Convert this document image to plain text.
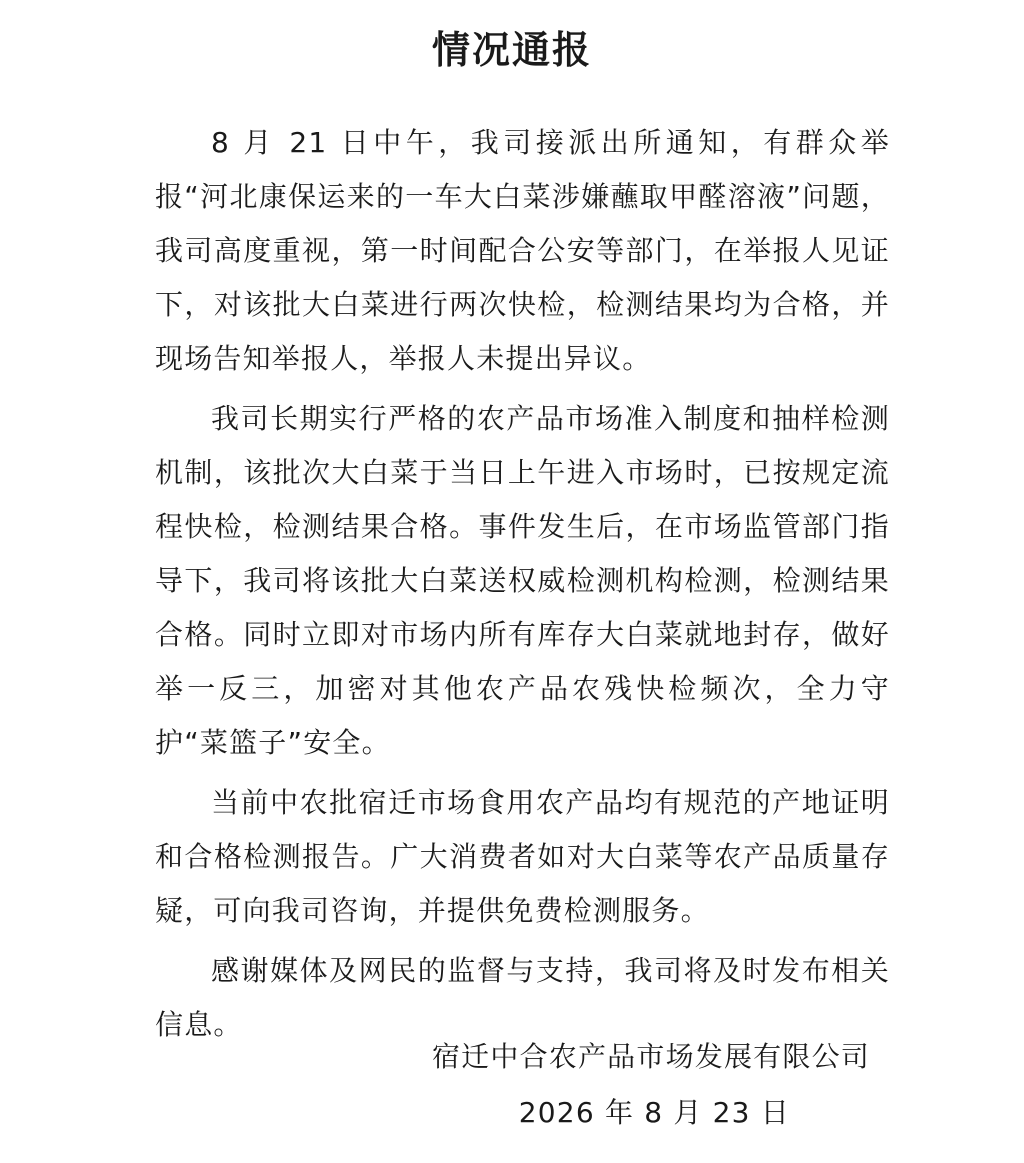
情况通报

8 月 21 日中午，我司接派出所通知，有群众举报“河北康保运来的一车大白菜涉嫌蘸取甲醛溶液”问题，我司高度重视，第一时间配合公安等部门，在举报人见证下，对该批大白菜进行两次快检，检测结果均为合格，并现场告知举报人，举报人未提出异议。

我司长期实行严格的农产品市场准入制度和抽样检测机制，该批次大白菜于当日上午进入市场时，已按规定流程快检，检测结果合格。事件发生后，在市场监管部门指导下，我司将该批大白菜送权威检测机构检测，检测结果合格。同时立即对市场内所有库存大白菜就地封存，做好举一反三，加密对其他农产品农残快检频次，全力守护“菜篮子”安全。

当前中农批宿迁市场食用农产品均有规范的产地证明和合格检测报告。广大消费者如对大白菜等农产品质量存疑，可向我司咨询，并提供免费检测服务。

感谢媒体及网民的监督与支持，我司将及时发布相关信息。

宿迁中合农产品市场发展有限公司

2026 年 8 月 23 日
